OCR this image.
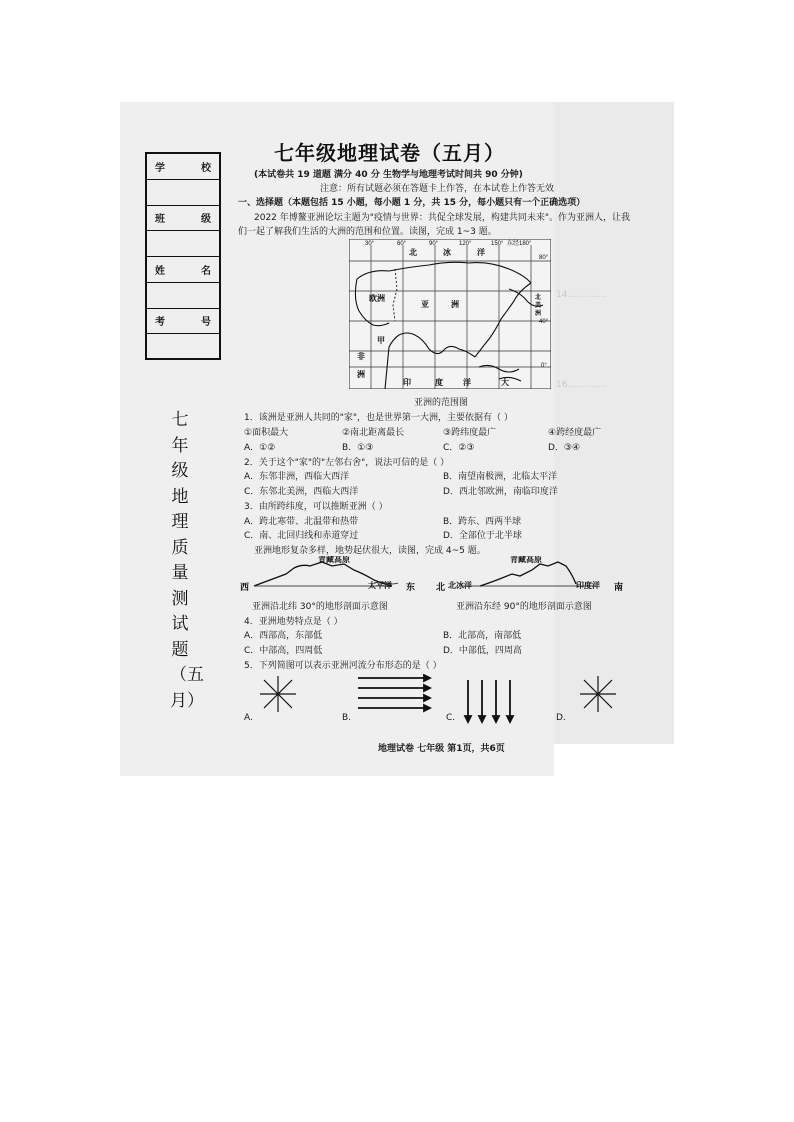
14.…………
16.…………
学	校
班	级
姓	名
考	号
七
年
级
地
理
质
量
测
试
题
（五
月）
七年级地理试卷（五月）
(本试卷共 19 道题 满分 40 分 生物学与地理考试时间共 90 分钟)
注意：所有试题必须在答题卡上作答，在本试卷上作答无效
一、选择题（本题包括 15 小题，每小题 1 分，共 15 分，每小题只有一个正确选项）
2022 年博鳌亚洲论坛主题为"疫情与世界：共促全球发展，构建共同未来"。作为亚洲人，让我
们一起了解我们生活的大洲的范围和位置。读图，完成 1~3 题。
30°	60°	90°	120°	150° 东经180°
80°
40°
0°
北	冰	洋
欧洲
亚	洲
北
美
洲
甲
非
洲
印	度	洋	大
亚洲的范围图
1．该洲是亚洲人共同的"家"，也是世界第一大洲，主要依据有（ ）
①面积最大	②南北距离最长	③跨纬度最广	④跨经度最广
A．①②	B．①③	C．②③	D．③④
2．关于这个"家"的"左邻右舍"，说法可信的是（ ）
A．东邻非洲，西临大西洋	B．南望南极洲，北临太平洋
C．东邻北美洲，西临大西洋	D．西北邻欧洲，南临印度洋
3．由所跨纬度，可以推断亚洲（ ）
A．跨北寒带、北温带和热带	B．跨东、西两半球
C．南、北回归线和赤道穿过	D．全部位于北半球
亚洲地形复杂多样，地势起伏很大，读图，完成 4~5 题。
青藏高原
西	太平洋 东
亚洲沿北纬 30°的地形剖面示意图
青藏高原
北 北冰洋	印度洋 南
亚洲沿东经 90°的地形剖面示意图
4．亚洲地势特点是（ ）
A．西部高，东部低	B．北部高，南部低
C．中部高，四周低	D．中部低，四周高
5．下列简图可以表示亚洲河流分布形态的是（ ）
A.	B.	C.	D.
地理试卷 七年级 第1页，共6页
